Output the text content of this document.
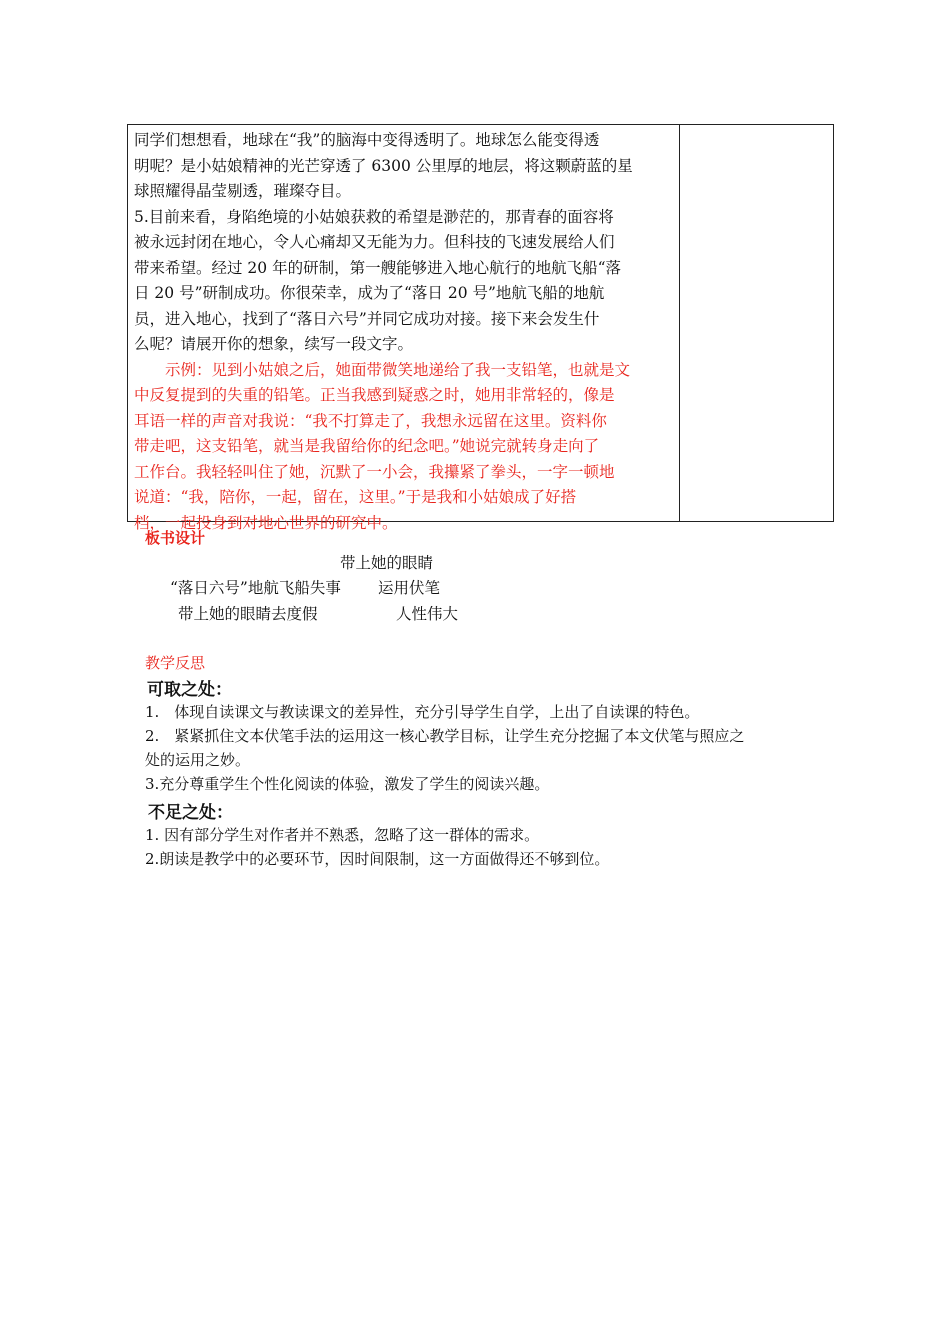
同学们想想看，地球在“我”的脑海中变得透明了。地球怎么能变得透
明呢？是小姑娘精神的光芒穿透了 6300 公里厚的地层，将这颗蔚蓝的星
球照耀得晶莹剔透，璀璨夺目。
5.目前来看，身陷绝境的小姑娘获救的希望是渺茫的，那青春的面容将
被永远封闭在地心，令人心痛却又无能为力。但科技的飞速发展给人们
带来希望。经过 20 年的研制，第一艘能够进入地心航行的地航飞船“落
日 20 号”研制成功。你很荣幸，成为了“落日 20 号”地航飞船的地航
员，进入地心，找到了“落日六号”并同它成功对接。接下来会发生什
么呢？请展开你的想象，续写一段文字。
示例：见到小姑娘之后，她面带微笑地递给了我一支铅笔，也就是文
中反复提到的失重的铅笔。正当我感到疑惑之时，她用非常轻的，像是
耳语一样的声音对我说：“我不打算走了，我想永远留在这里。资料你
带走吧，这支铅笔，就当是我留给你的纪念吧。”她说完就转身走向了
工作台。我轻轻叫住了她，沉默了一小会，我攥紧了拳头，一字一顿地
说道：“我，陪你，一起，留在，这里。”于是我和小姑娘成了好搭
档，一起投身到对地心世界的研究中。
板书设计
带上她的眼睛
“落日六号”地航飞船失事 运用伏笔
带上她的眼睛去度假	人性伟大
教学反思
可取之处：
1.　体现自读课文与教读课文的差异性，充分引导学生自学，上出了自读课的特色。
2.　紧紧抓住文本伏笔手法的运用这一核心教学目标，让学生充分挖掘了本文伏笔与照应之
处的运用之妙。
3.充分尊重学生个性化阅读的体验，激发了学生的阅读兴趣。
不足之处：
1. 因有部分学生对作者并不熟悉，忽略了这一群体的需求。
2.朗读是教学中的必要环节，因时间限制，这一方面做得还不够到位。
